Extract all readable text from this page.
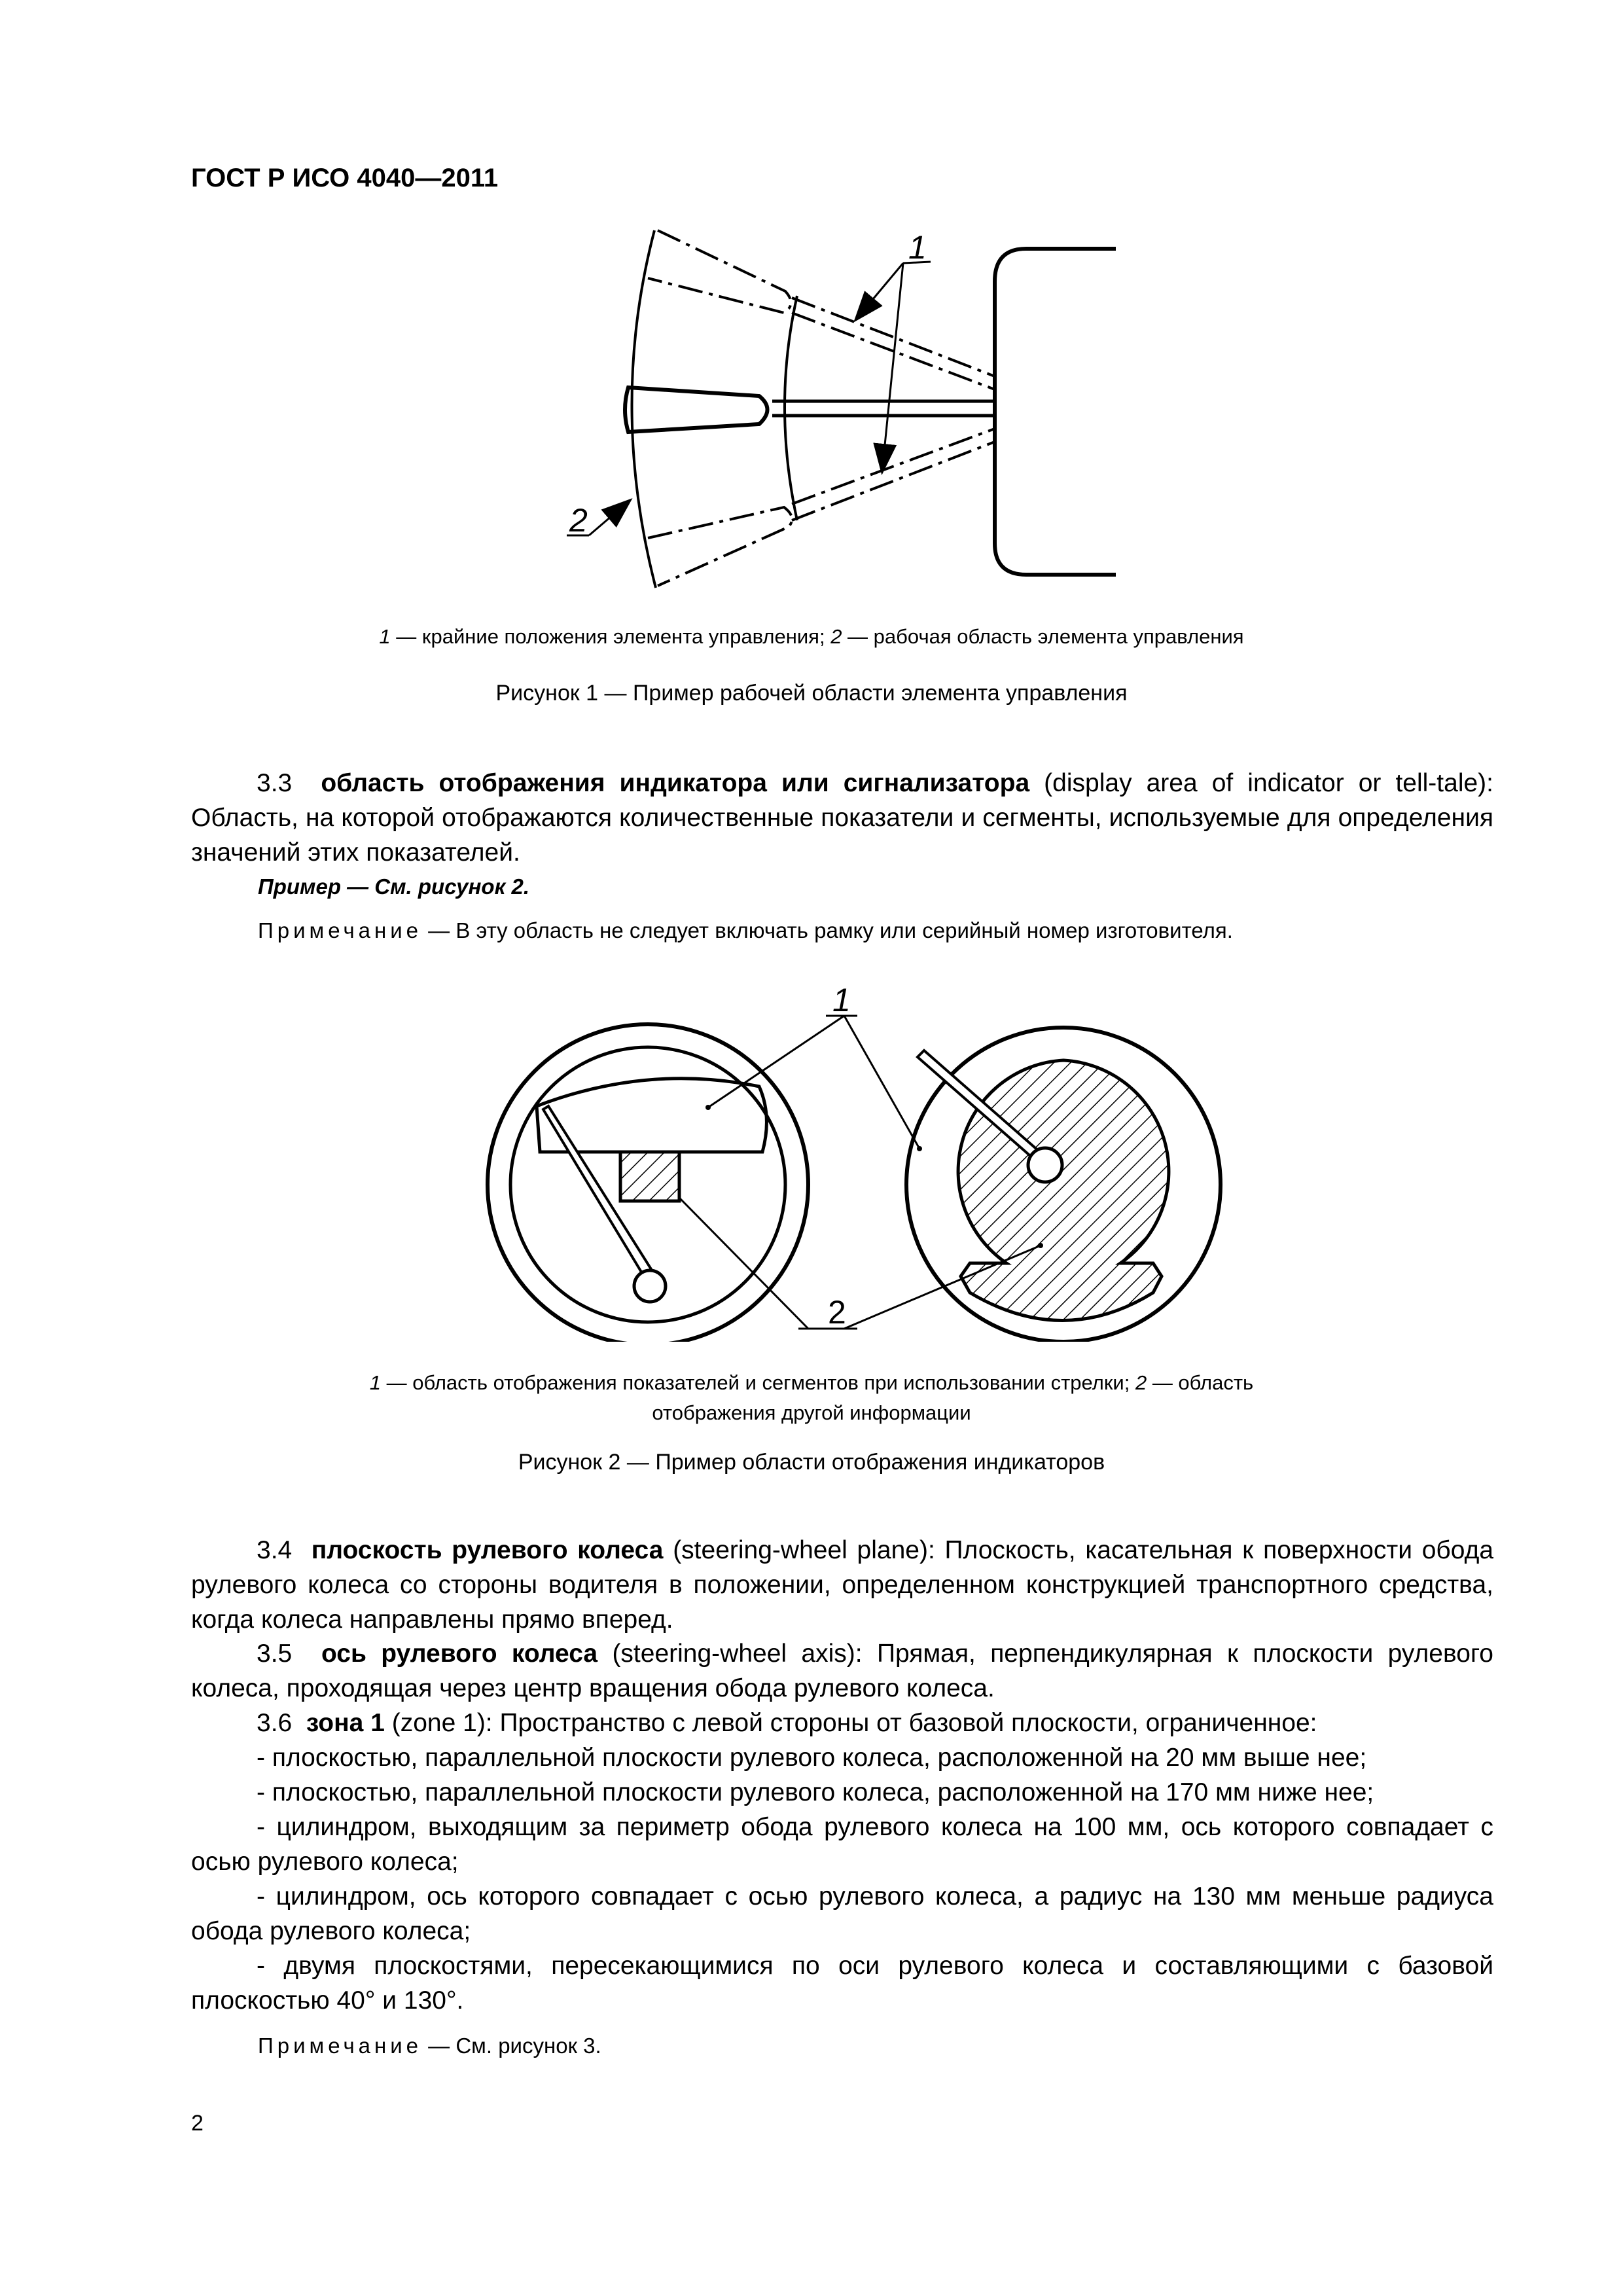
ГОСТ Р ИСО 4040—2011
1
2
1 — крайние положения элемента управления; 2 — рабочая область элемента управления
Рисунок 1 — Пример рабочей области элемента управления
3.3 область отображения индикатора или сигнализатора (display area of indicator or tell-tale): Область, на которой отображаются количественные показатели и сегменты, используемые для определения значений этих показателей.
Пример — См. рисунок 2.
Примечание — В эту область не следует включать рамку или серийный номер изготовителя.
1
2
1 — область отображения показателей и сегментов при использовании стрелки; 2 — область отображения другой информации
Рисунок 2 — Пример области отображения индикаторов
3.4 плоскость рулевого колеса (steering-wheel plane): Плоскость, касательная к поверхности обода рулевого колеса со стороны водителя в положении, определенном конструкцией транспортного средства, когда колеса направлены прямо вперед.
3.5 ось рулевого колеса (steering-wheel axis): Прямая, перпендикулярная к плоскости рулевого колеса, проходящая через центр вращения обода рулевого колеса.
3.6 зона 1 (zone 1): Пространство с левой стороны от базовой плоскости, ограниченное:
- плоскостью, параллельной плоскости рулевого колеса, расположенной на 20 мм выше нее;
- плоскостью, параллельной плоскости рулевого колеса, расположенной на 170 мм ниже нее;
- цилиндром, выходящим за периметр обода рулевого колеса на 100 мм, ось которого совпадает с осью рулевого колеса;
- цилиндром, ось которого совпадает с осью рулевого колеса, а радиус на 130 мм меньше радиуса обода рулевого колеса;
- двумя плоскостями, пересекающимися по оси рулевого колеса и составляющими с базовой плоскостью 40° и 130°.
Примечание — См. рисунок 3.
2
